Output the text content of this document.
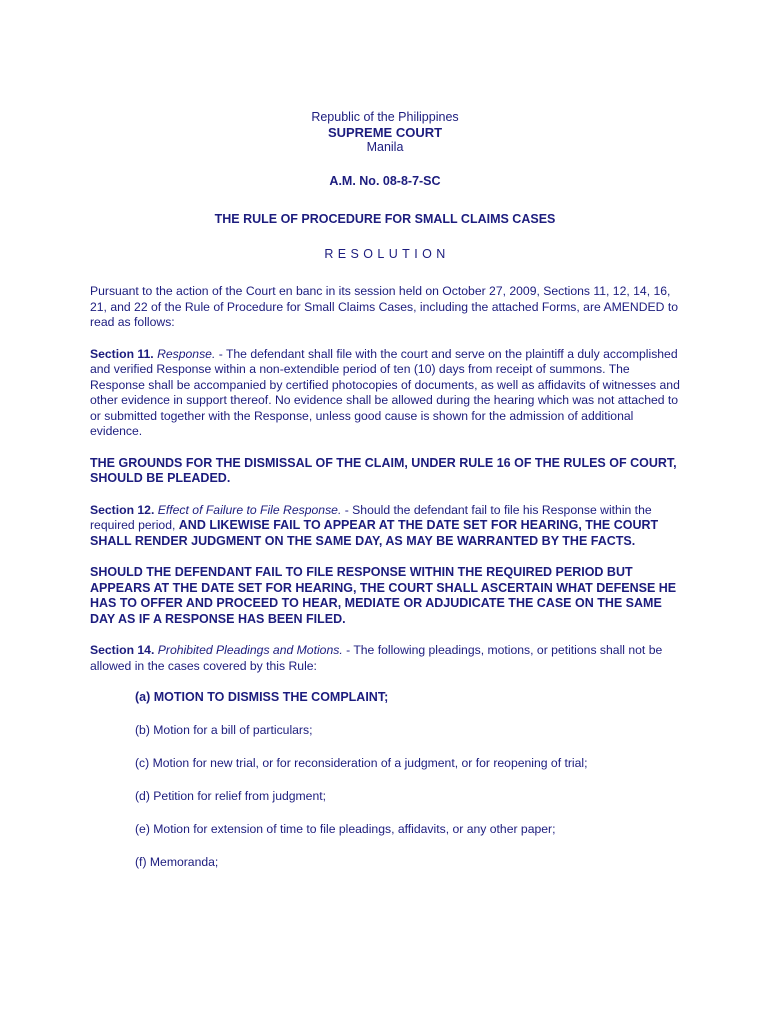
Republic of the Philippines
SUPREME COURT
Manila
A.M. No. 08-8-7-SC
THE RULE OF PROCEDURE FOR SMALL CLAIMS CASES
RESOLUTION

Pursuant to the action of the Court en banc in its session held on October 27, 2009, Sections 11, 12, 14, 16, 21, and 22 of the Rule of Procedure for Small Claims Cases, including the attached Forms, are AMENDED to read as follows:

Section 11. Response. - The defendant shall file with the court and serve on the plaintiff a duly accomplished and verified Response within a non-extendible period of ten (10) days from receipt of summons. The Response shall be accompanied by certified photocopies of documents, as well as affidavits of witnesses and other evidence in support thereof. No evidence shall be allowed during the hearing which was not attached to or submitted together with the Response, unless good cause is shown for the admission of additional evidence.

THE GROUNDS FOR THE DISMISSAL OF THE CLAIM, UNDER RULE 16 OF THE RULES OF COURT, SHOULD BE PLEADED.

Section 12. Effect of Failure to File Response. - Should the defendant fail to file his Response within the required period, AND LIKEWISE FAIL TO APPEAR AT THE DATE SET FOR HEARING, THE COURT SHALL RENDER JUDGMENT ON THE SAME DAY, AS MAY BE WARRANTED BY THE FACTS.

SHOULD THE DEFENDANT FAIL TO FILE RESPONSE WITHIN THE REQUIRED PERIOD BUT APPEARS AT THE DATE SET FOR HEARING, THE COURT SHALL ASCERTAIN WHAT DEFENSE HE HAS TO OFFER AND PROCEED TO HEAR, MEDIATE OR ADJUDICATE THE CASE ON THE SAME DAY AS IF A RESPONSE HAS BEEN FILED.

Section 14. Prohibited Pleadings and Motions. - The following pleadings, motions, or petitions shall not be allowed in the cases covered by this Rule:

(a) MOTION TO DISMISS THE COMPLAINT;
(b) Motion for a bill of particulars;
(c) Motion for new trial, or for reconsideration of a judgment, or for reopening of trial;
(d) Petition for relief from judgment;
(e) Motion for extension of time to file pleadings, affidavits, or any other paper;
(f) Memoranda;
